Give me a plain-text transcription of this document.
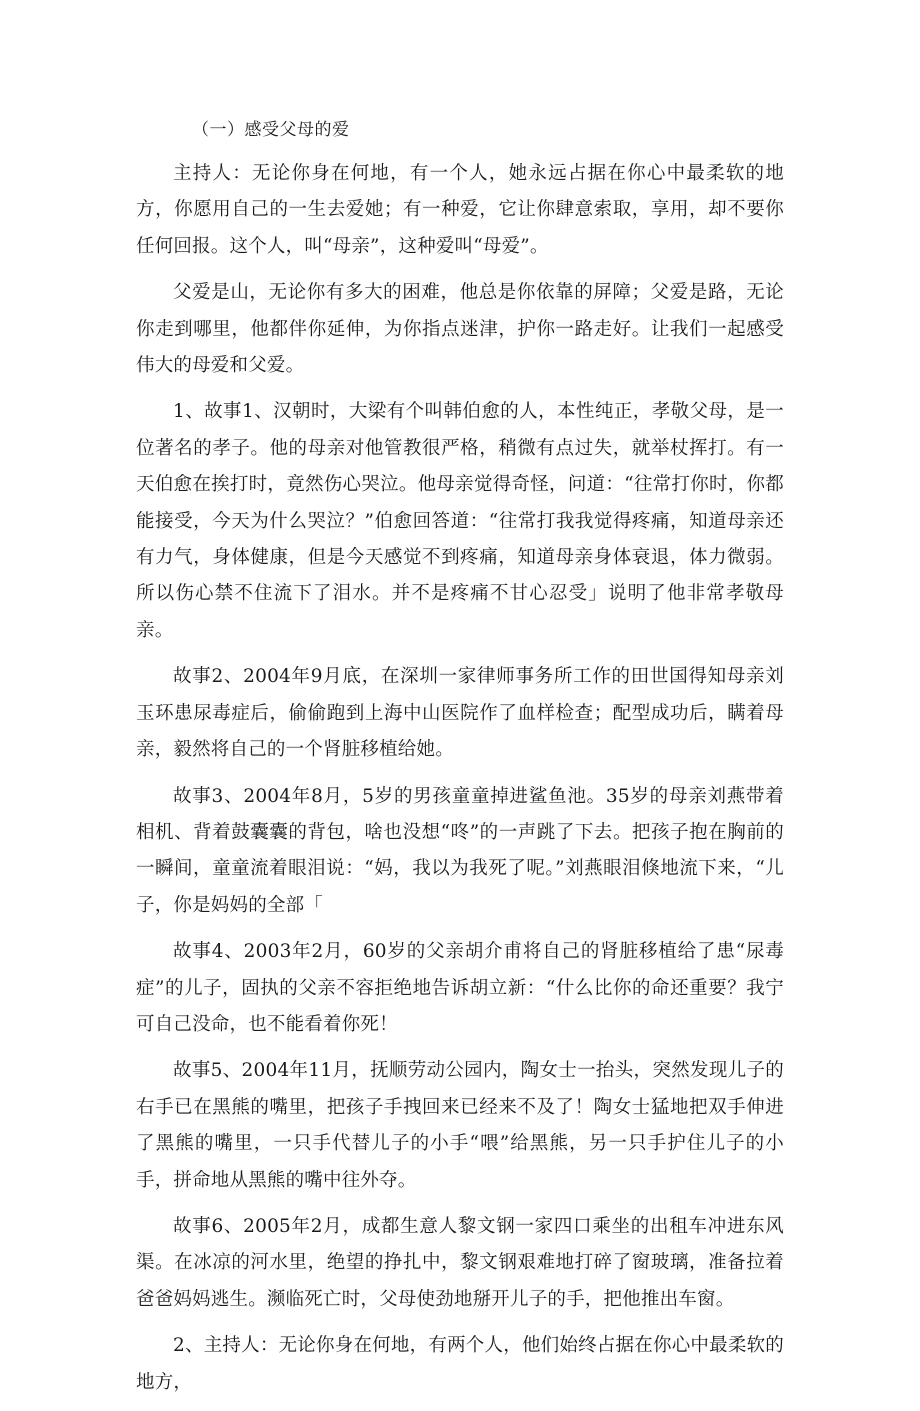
（一）感受父母的爱

主持人：无论你身在何地，有一个人，她永远占据在你心中最柔软的地方，你愿用自己的一生去爱她；有一种爱，它让你肆意索取，享用，却不要你任何回报。这个人，叫“母亲”，这种爱叫“母爱”。

父爱是山，无论你有多大的困难，他总是你依靠的屏障；父爱是路，无论你走到哪里，他都伴你延伸，为你指点迷津，护你一路走好。让我们一起感受伟大的母爱和父爱。

1、故事1、汉朝时，大梁有个叫韩伯愈的人，本性纯正，孝敬父母，是一位著名的孝子。他的母亲对他管教很严格，稍微有点过失，就举杖挥打。有一天伯愈在挨打时，竟然伤心哭泣。他母亲觉得奇怪，问道：“往常打你时，你都能接受，今天为什么哭泣？”伯愈回答道：“往常打我我觉得疼痛，知道母亲还有力气，身体健康，但是今天感觉不到疼痛，知道母亲身体衰退，体力微弱。所以伤心禁不住流下了泪水。并不是疼痛不甘心忍受」说明了他非常孝敬母亲。

故事2、2004年9月底，在深圳一家律师事务所工作的田世国得知母亲刘玉环患尿毒症后，偷偷跑到上海中山医院作了血样检查；配型成功后，瞒着母亲，毅然将自己的一个肾脏移植给她。

故事3、2004年8月，5岁的男孩童童掉进鲨鱼池。35岁的母亲刘燕带着相机、背着鼓囊囊的背包，啥也没想“咚”的一声跳了下去。把孩子抱在胸前的一瞬间，童童流着眼泪说：“妈，我以为我死了呢。”刘燕眼泪倏地流下来，“儿子，你是妈妈的全部「

故事4、2003年2月，60岁的父亲胡介甫将自己的肾脏移植给了患“尿毒症”的儿子，固执的父亲不容拒绝地告诉胡立新：“什么比你的命还重要？我宁可自己没命，也不能看着你死！

故事5、2004年11月，抚顺劳动公园内，陶女士一抬头，突然发现儿子的右手已在黑熊的嘴里，把孩子手拽回来已经来不及了！陶女士猛地把双手伸进了黑熊的嘴里，一只手代替儿子的小手“喂”给黑熊，另一只手护住儿子的小手，拼命地从黑熊的嘴中往外夺。

故事6、2005年2月，成都生意人黎文钢一家四口乘坐的出租车冲进东风渠。在冰凉的河水里，绝望的挣扎中，黎文钢艰难地打碎了窗玻璃，准备拉着爸爸妈妈逃生。濒临死亡时，父母使劲地掰开儿子的手，把他推出车窗。

2、主持人：无论你身在何地，有两个人，他们始终占据在你心中最柔软的地方，
